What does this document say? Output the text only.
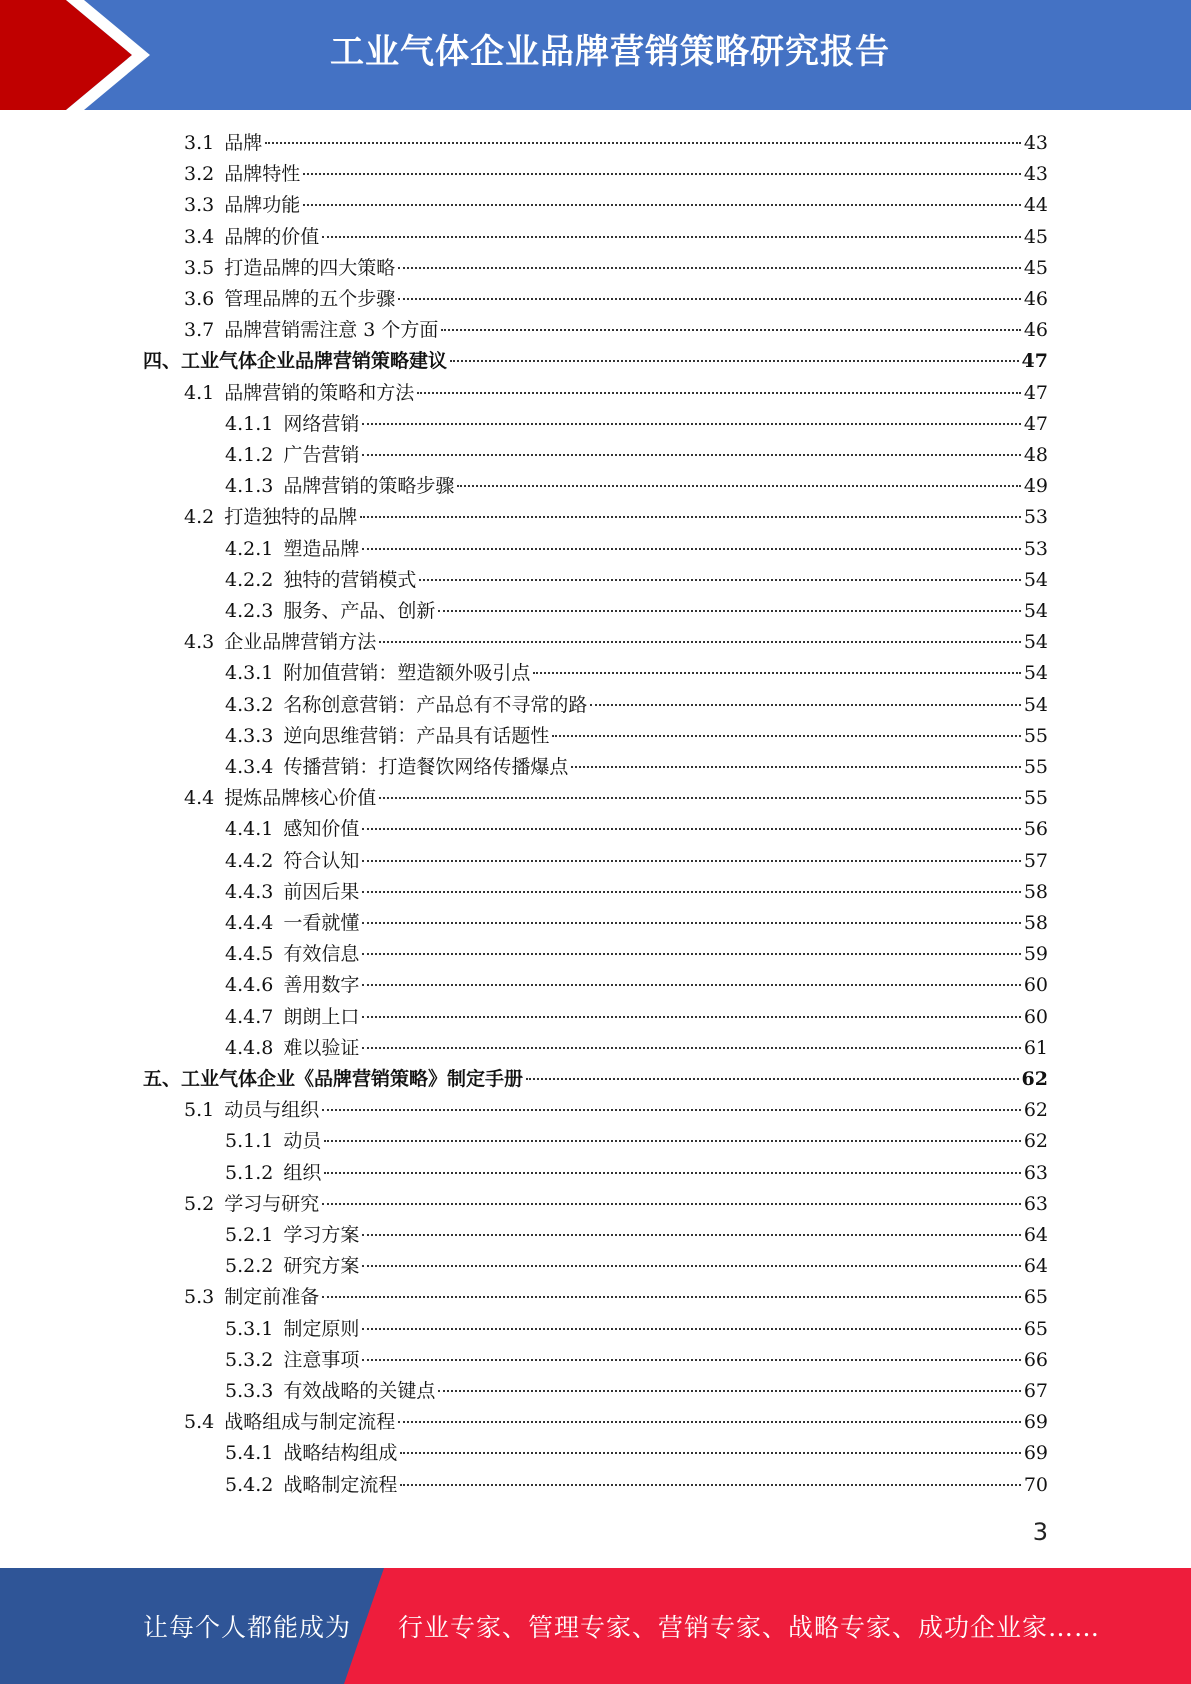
工业气体企业品牌营销策略研究报告
3.1 品牌	43
3.2 品牌特性	43
3.3 品牌功能	44
3.4 品牌的价值	45
3.5 打造品牌的四大策略	45
3.6 管理品牌的五个步骤	46
3.7 品牌营销需注意 3 个方面	46
四、工业气体企业品牌营销策略建议	47
4.1 品牌营销的策略和方法	47
4.1.1 网络营销	47
4.1.2 广告营销	48
4.1.3 品牌营销的策略步骤	49
4.2 打造独特的品牌	53
4.2.1 塑造品牌	53
4.2.2 独特的营销模式	54
4.2.3 服务、产品、创新	54
4.3 企业品牌营销方法	54
4.3.1 附加值营销：塑造额外吸引点	54
4.3.2 名称创意营销：产品总有不寻常的路	54
4.3.3 逆向思维营销：产品具有话题性	55
4.3.4 传播营销：打造餐饮网络传播爆点	55
4.4 提炼品牌核心价值	55
4.4.1 感知价值	56
4.4.2 符合认知	57
4.4.3 前因后果	58
4.4.4 一看就懂	58
4.4.5 有效信息	59
4.4.6 善用数字	60
4.4.7 朗朗上口	60
4.4.8 难以验证	61
五、工业气体企业《品牌营销策略》制定手册	62
5.1 动员与组织	62
5.1.1 动员	62
5.1.2 组织	63
5.2 学习与研究	63
5.2.1 学习方案	64
5.2.2 研究方案	64
5.3 制定前准备	65
5.3.1 制定原则	65
5.3.2 注意事项	66
5.3.3 有效战略的关键点	67
5.4 战略组成与制定流程	69
5.4.1 战略结构组成	69
5.4.2 战略制定流程	70
3
让每个人都能成为 行业专家、管理专家、营销专家、战略专家、成功企业家……
